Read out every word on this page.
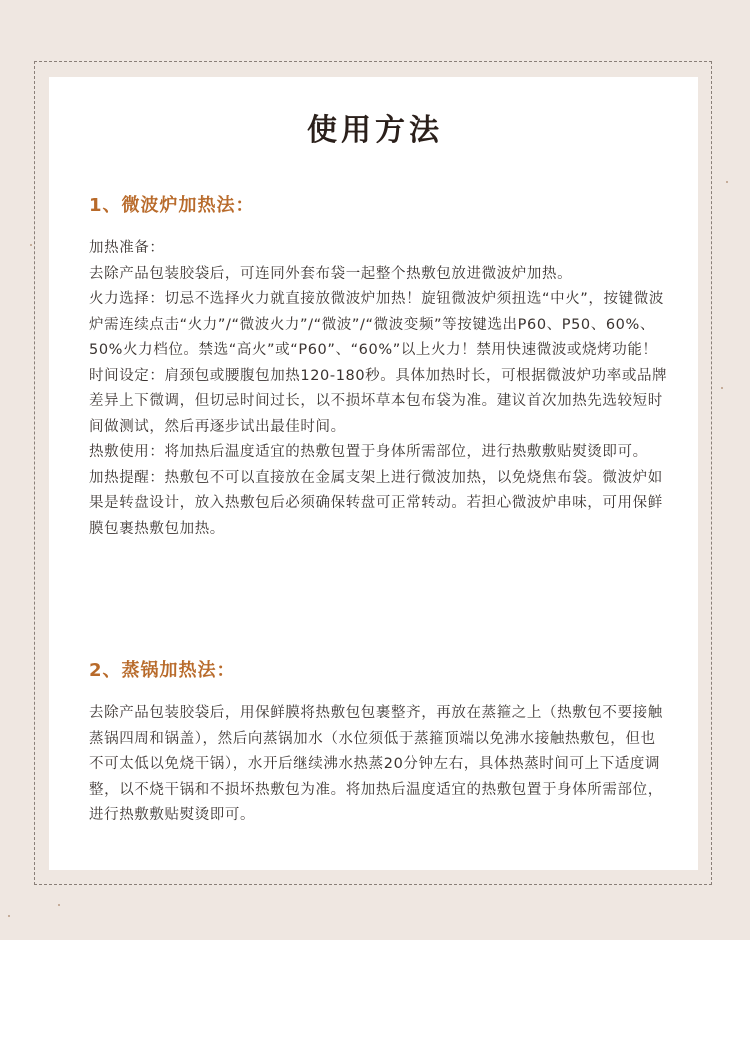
使用方法
1、微波炉加热法：

加热准备：

去除产品包装胶袋后，可连同外套布袋一起整个热敷包放进微波炉加热。

火力选择：切忌不选择火力就直接放微波炉加热！旋钮微波炉须扭选“中火”，按键微波炉需连续点击“火力”/“微波火力”/“微波”/“微波变频”等按键选出P60、P50、60%、50%火力档位。禁选“高火”或“P60”、“60%”以上火力！禁用快速微波或烧烤功能！

时间设定：肩颈包或腰腹包加热120-180秒。具体加热时长，可根据微波炉功率或品牌差异上下微调，但切忌时间过长，以不损坏草本包布袋为准。建议首次加热先选较短时间做测试，然后再逐步试出最佳时间。

热敷使用：将加热后温度适宜的热敷包置于身体所需部位，进行热敷敷贴熨烫即可。

加热提醒：热敷包不可以直接放在金属支架上进行微波加热，以免烧焦布袋。微波炉如果是转盘设计，放入热敷包后必须确保转盘可正常转动。若担心微波炉串味，可用保鲜膜包裹热敷包加热。

2、蒸锅加热法：

去除产品包装胶袋后，用保鲜膜将热敷包包裹整齐，再放在蒸箍之上（热敷包不要接触蒸锅四周和锅盖），然后向蒸锅加水（水位须低于蒸箍顶端以免沸水接触热敷包，但也不可太低以免烧干锅），水开后继续沸水热蒸20分钟左右，具体热蒸时间可上下适度调整，以不烧干锅和不损坏热敷包为准。将加热后温度适宜的热敷包置于身体所需部位，进行热敷敷贴熨烫即可。
